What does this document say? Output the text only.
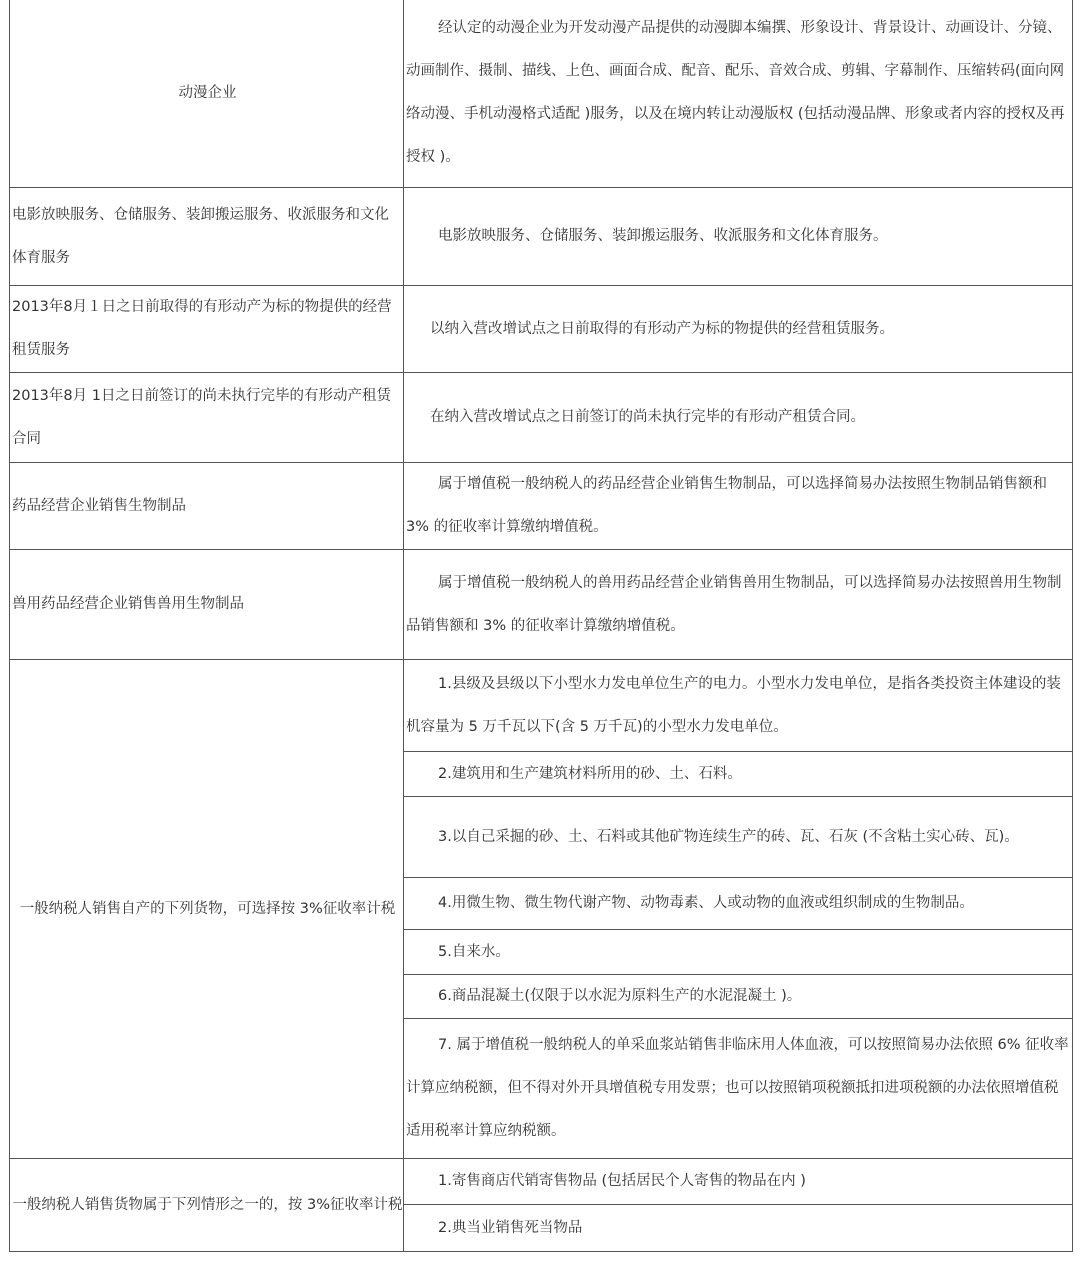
动漫企业	经认定的动漫企业为开发动漫产品提供的动漫脚本编撰、形象设计、背景设计、动画设计、分镜、动画制作、摄制、描线、上色、画面合成、配音、配乐、音效合成、剪辑、字幕制作、压缩转码(面向网络动漫、手机动漫格式适配 )服务，以及在境内转让动漫版权 (包括动漫品牌、形象或者内容的授权及再授权 )。

电影放映服务、仓储服务、装卸搬运服务、收派服务和文化体育服务	电影放映服务、仓储服务、装卸搬运服务、收派服务和文化体育服务。

2013年8月１日之日前取得的有形动产为标的物提供的经营租赁服务	以纳入营改增试点之日前取得的有形动产为标的物提供的经营租赁服务。

2013年8月 1日之日前签订的尚未执行完毕的有形动产租赁合同	在纳入营改增试点之日前签订的尚未执行完毕的有形动产租赁合同。

药品经营企业销售生物制品	属于增值税一般纳税人的药品经营企业销售生物制品，可以选择简易办法按照生物制品销售额和 3% 的征收率计算缴纳增值税。

兽用药品经营企业销售兽用生物制品	属于增值税一般纳税人的兽用药品经营企业销售兽用生物制品，可以选择简易办法按照兽用生物制品销售额和 3% 的征收率计算缴纳增值税。

一般纳税人销售自产的下列货物，可选择按 3%征收率计税	1.县级及县级以下小型水力发电单位生产的电力。小型水力发电单位，是指各类投资主体建设的装机容量为 5 万千瓦以下(含 5 万千瓦)的小型水力发电单位。

	2.建筑用和生产建筑材料所用的砂、土、石料。

	3.以自己采掘的砂、土、石料或其他矿物连续生产的砖、瓦、石灰 (不含粘土实心砖、瓦)。

	4.用微生物、微生物代谢产物、动物毒素、人或动物的血液或组织制成的生物制品。

	5.自来水。

	6.商品混凝土(仅限于以水泥为原料生产的水泥混凝土 )。

	7. 属于增值税一般纳税人的单采血浆站销售非临床用人体血液，可以按照简易办法依照 6% 征收率计算应纳税额，但不得对外开具增值税专用发票；也可以按照销项税额抵扣进项税额的办法依照增值税适用税率计算应纳税额。

一般纳税人销售货物属于下列情形之一的，按 3%征收率计税	1.寄售商店代销寄售物品 (包括居民个人寄售的物品在内 )

	2.典当业销售死当物品
